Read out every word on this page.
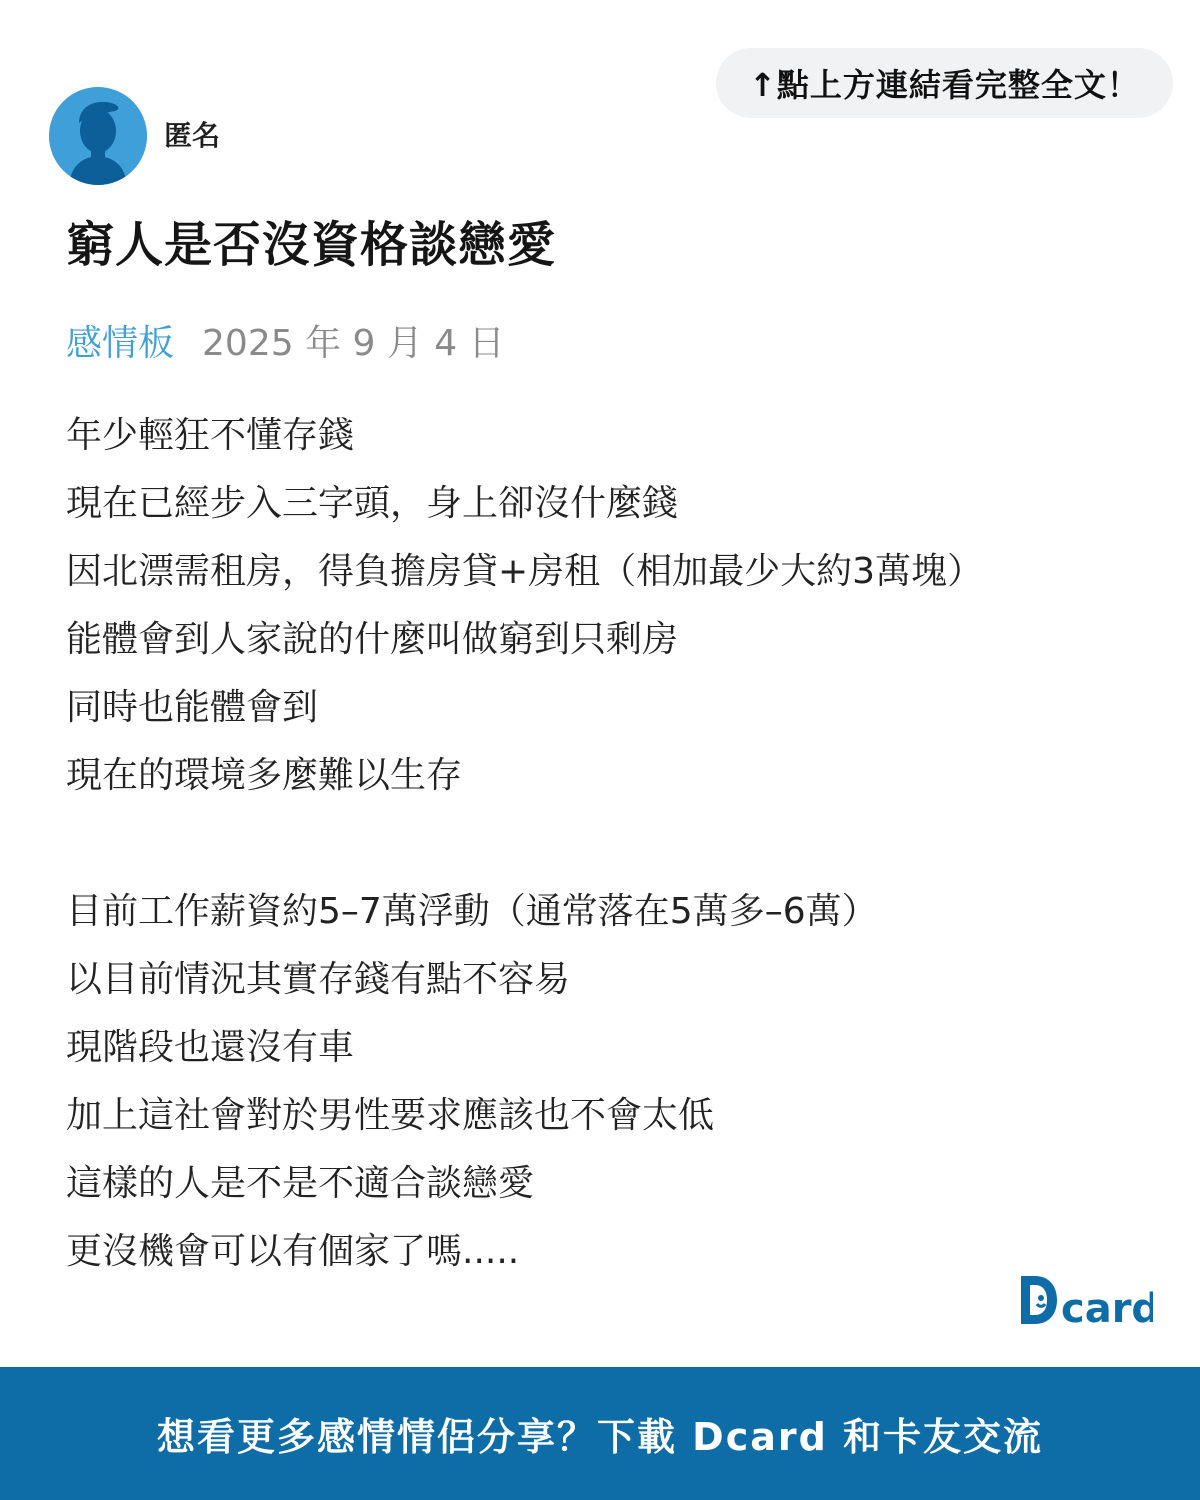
↑點上方連結看完整全文！
匿名
窮人是否沒資格談戀愛
感情板 2025 年 9 月 4 日
年少輕狂不懂存錢
現在已經步入三字頭，身上卻沒什麼錢
因北漂需租房，得負擔房貸+房租（相加最少大約3萬塊）
能體會到人家說的什麼叫做窮到只剩房
同時也能體會到
現在的環境多麼難以生存
目前工作薪資約5–7萬浮動（通常落在5萬多–6萬）
以目前情況其實存錢有點不容易
現階段也還沒有車
加上這社會對於男性要求應該也不會太低
這樣的人是不是不適合談戀愛
更沒機會可以有個家了嗎.....
card
想看更多感情情侶分享？下載 Dcard 和卡友交流
